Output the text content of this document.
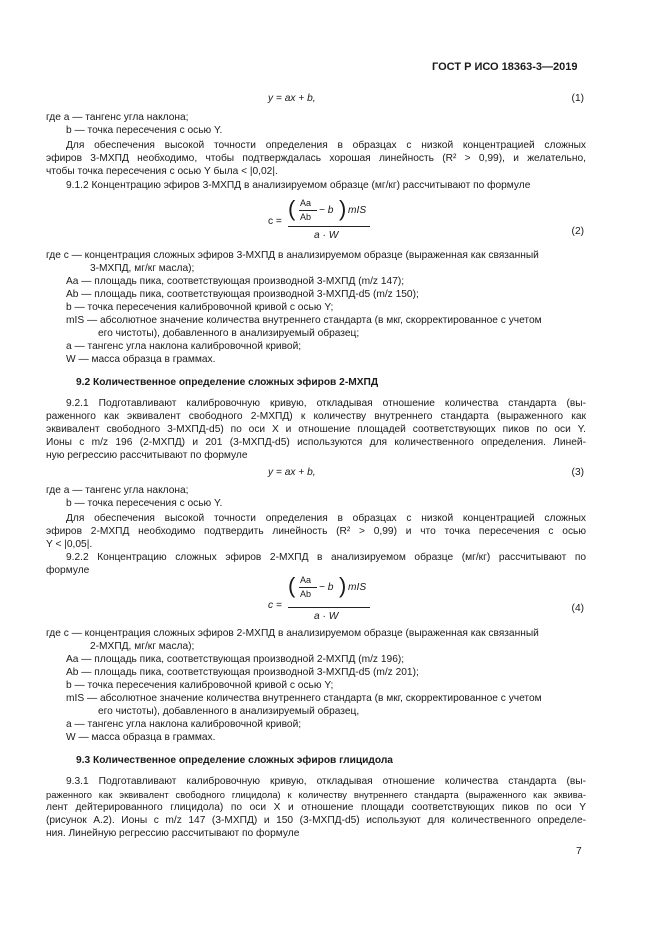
ГОСТ Р ИСО 18363-3—2019
y = ax + b,	(1)
где a — тангенс угла наклона;
b — точка пересечения с осью Y.
Для обеспечения высокой точности определения в образцах с низкой концентрацией сложных
эфиров 3-МХПД необходимо, чтобы подтверждалась хорошая линейность (R² > 0,99), и желательно,
чтобы точка пересечения с осью Y была < |0,02|.
9.1.2 Концентрацию эфиров 3-МХПД в анализируемом образце (мг/кг) рассчитывают по формуле
c =
( Aa
Ab
− b ) mIS
a · W	(2)
где c — концентрация сложных эфиров 3-МХПД в анализируемом образце (выраженная как связанный
3-МХПД, мг/кг масла);
Aa — площадь пика, соответствующая производной 3-МХПД (m/z 147);
Ab — площадь пика, соответствующая производной 3-МХПД-d5 (m/z 150);
b — точка пересечения калибровочной кривой с осью Y;
mIS — абсолютное значение количества внутреннего стандарта (в мкг, скорректированное с учетом
его чистоты), добавленного в анализируемый образец;
a — тангенс угла наклона калибровочной кривой;
W — масса образца в граммах.
9.2 Количественное определение сложных эфиров 2-МХПД
9.2.1 Подготавливают калибровочную кривую, откладывая отношение количества стандарта (вы-
раженного как эквивалент свободного 2-МХПД) к количеству внутреннего стандарта (выраженного как
эквивалент свободного 3-МХПД-d5) по оси X и отношение площадей соответствующих пиков по оси Y.
Ионы с m/z 196 (2-МХПД) и 201 (3-МХПД-d5) используются для количественного определения. Линей-
ную регрессию рассчитывают по формуле
y = ax + b,	(3)
где a — тангенс угла наклона;
b — точка пересечения с осью Y.
Для обеспечения высокой точности определения в образцах с низкой концентрацией сложных
эфиров 2-МХПД необходимо подтвердить линейность (R² > 0,99) и что точка пересечения с осью
Y < |0,05|.
9.2.2 Концентрацию сложных эфиров 2-МХПД в анализируемом образце (мг/кг) рассчитывают по
формуле
c =
( Aa
Ab
− b ) mIS
a · W
(4)
где c — концентрация сложных эфиров 2-МХПД в анализируемом образце (выраженная как связанный
2-МХПД, мг/кг масла);
Aa — площадь пика, соответствующая производной 2-МХПД (m/z 196);
Ab — площадь пика, соответствующая производной 3-МХПД-d5 (m/z 201);
b — точка пересечения калибровочной кривой с осью Y;
mIS — абсолютное значение количества внутреннего стандарта (в мкг, скорректированное с учетом
его чистоты), добавленного в анализируемый образец,
a — тангенс угла наклона калибровочной кривой;
W — масса образца в граммах.
9.3 Количественное определение сложных эфиров глицидола
9.3.1 Подготавливают калибровочную кривую, откладывая отношение количества стандарта (вы-
раженного как эквивалент свободного глицидола) к количеству внутреннего стандарта (выраженного как эквива-
лент дейтерированного глицидола) по оси X и отношение площади соответствующих пиков по оси Y
(рисунок А.2). Ионы с m/z 147 (3-МХПД) и 150 (3-МХПД-d5) используют для количественного определе-
ния. Линейную регрессию рассчитывают по формуле
7
